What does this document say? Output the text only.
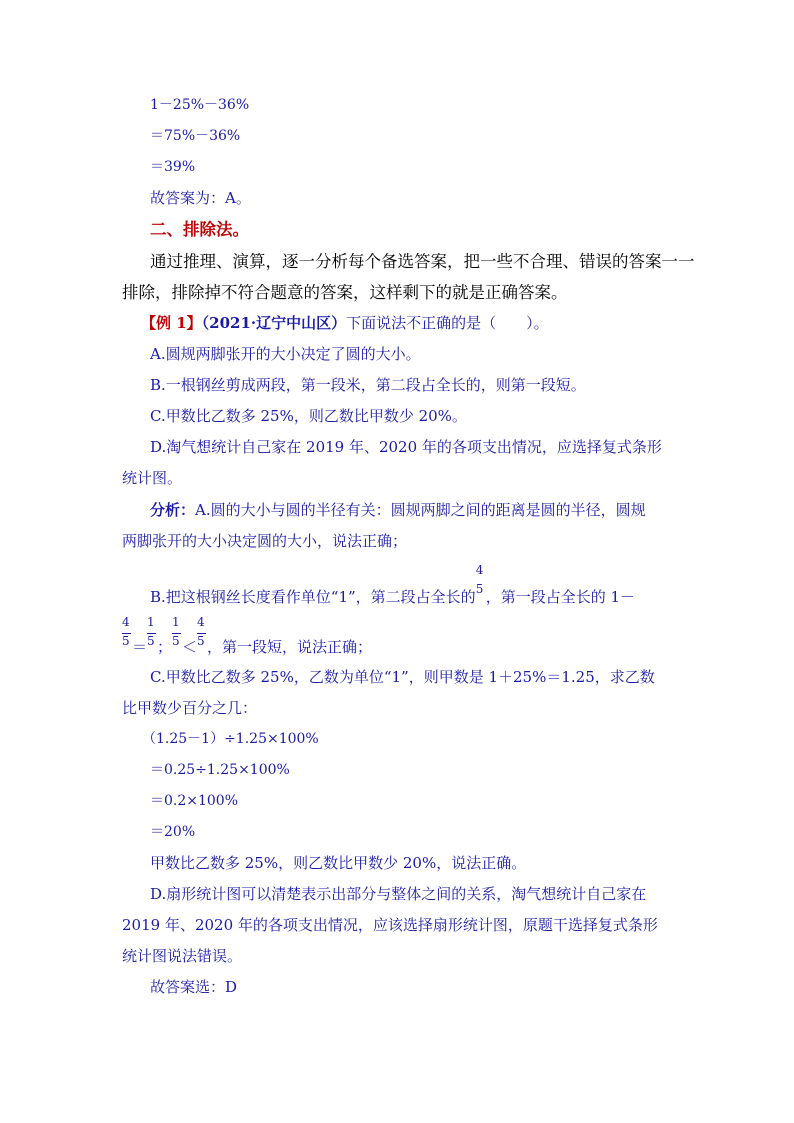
1－25%－36%
＝75%－36%
＝39%
故答案为：A。
二、排除法。
通过推理、演算，逐一分析每个备选答案，把一些不合理、错误的答案一一
排除，排除掉不符合题意的答案，这样剩下的就是正确答案。
【例 1】（2021·辽宁中山区）下面说法不正确的是（　　）。
A.圆规两脚张开的大小决定了圆的大小。
B.一根钢丝剪成两段，第一段米，第二段占全长的，则第一段短。
C.甲数比乙数多 25%，则乙数比甲数少 20%。
D.淘气想统计自己家在 2019 年、2020 年的各项支出情况，应选择复式条形
统计图。
分析：A.圆的大小与圆的半径有关：圆规两脚之间的距离是圆的半径，圆规
两脚张开的大小决定圆的大小，说法正确；
B.把这根钢丝长度看作单位“1”，第二段占全长的
4
5 ，第一段占全长的 1－
$\frac{4}{5} = \frac{1}{5}$ ； $\frac{1}{5} < \frac{4}{5}$ ，第一段短，说法正确；
C.甲数比乙数多 25%，乙数为单位“1”，则甲数是 1＋25%＝1.25，求乙数
比甲数少百分之几：
（1.25－1）÷1.25×100%
＝0.25÷1.25×100%
＝0.2×100%
＝20%
甲数比乙数多 25%，则乙数比甲数少 20%，说法正确。
D.扇形统计图可以清楚表示出部分与整体之间的关系，淘气想统计自己家在
2019 年、2020 年的各项支出情况，应该选择扇形统计图，原题干选择复式条形
统计图说法错误。
故答案选：D
